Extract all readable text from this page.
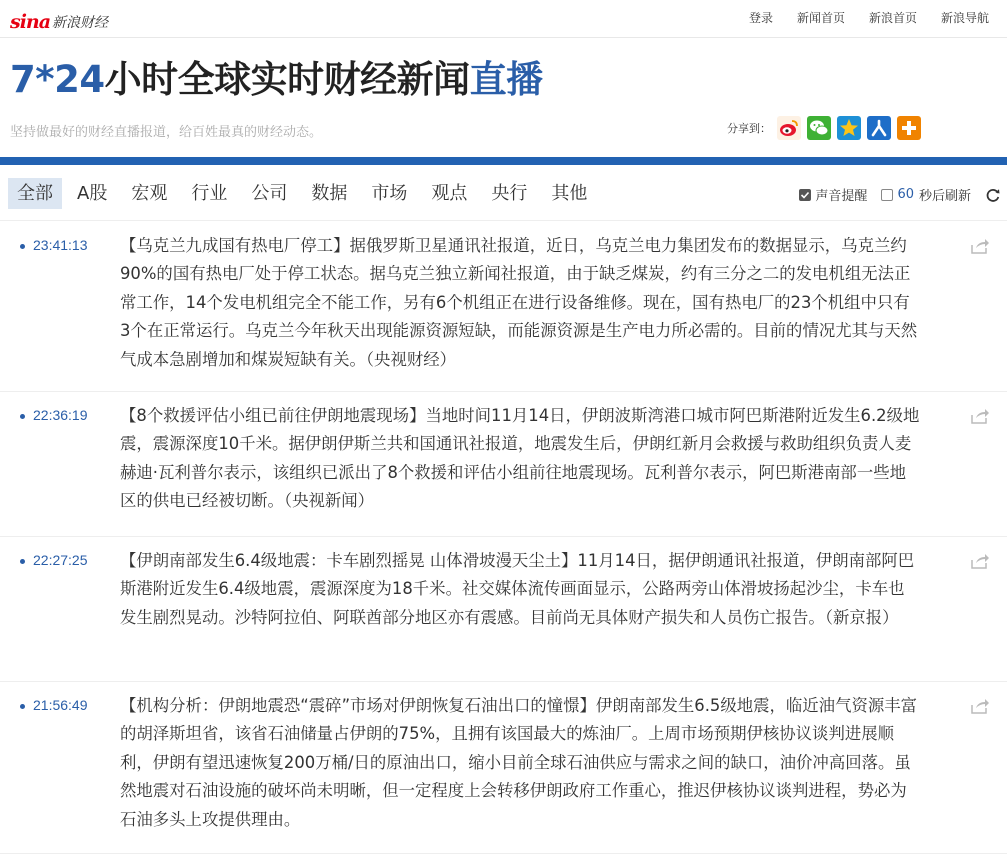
sina 新浪财经	登录 新闻首页 新浪首页 新浪导航
7*24小时全球实时财经新闻直播
坚持做最好的财经直播报道，给百姓最真的财经动态。	分享到：
全部	A股	宏观	行业	公司	数据	市场	观点	央行	其他	声音提醒 60 秒后刷新
23:41:13 【乌克兰九成国有热电厂停工】据俄罗斯卫星通讯社报道，近日，乌克兰电力集团发布的数据显示，乌克兰约90%的国有热电厂处于停工状态。据乌克兰独立新闻社报道，由于缺乏煤炭，约有三分之二的发电机组无法正常工作，14个发电机组完全不能工作，另有6个机组正在进行设备维修。现在，国有热电厂的23个机组中只有3个在正常运行。乌克兰今年秋天出现能源资源短缺，而能源资源是生产电力所必需的。目前的情况尤其与天然气成本急剧增加和煤炭短缺有关。（央视财经）
22:36:19 【8个救援评估小组已前往伊朗地震现场】当地时间11月14日，伊朗波斯湾港口城市阿巴斯港附近发生6.2级地震，震源深度10千米。据伊朗伊斯兰共和国通讯社报道，地震发生后，伊朗红新月会救援与救助组织负责人麦赫迪·瓦利普尔表示，该组织已派出了8个救援和评估小组前往地震现场。瓦利普尔表示，阿巴斯港南部一些地区的供电已经被切断。（央视新闻）
22:27:25 【伊朗南部发生6.4级地震：卡车剧烈摇晃 山体滑坡漫天尘土】11月14日，据伊朗通讯社报道，伊朗南部阿巴斯港附近发生6.4级地震，震源深度为18千米。社交媒体流传画面显示，公路两旁山体滑坡扬起沙尘，卡车也发生剧烈晃动。沙特阿拉伯、阿联酋部分地区亦有震感。目前尚无具体财产损失和人员伤亡报告。（新京报）
21:56:49 【机构分析：伊朗地震恐“震碎”市场对伊朗恢复石油出口的憧憬】伊朗南部发生6.5级地震，临近油气资源丰富的胡泽斯坦省，该省石油储量占伊朗的75%，且拥有该国最大的炼油厂。上周市场预期伊核协议谈判进展顺利，伊朗有望迅速恢复200万桶/日的原油出口，缩小目前全球石油供应与需求之间的缺口，油价冲高回落。虽然地震对石油设施的破坏尚未明晰，但一定程度上会转移伊朗政府工作重心，推迟伊核协议谈判进程，势必为石油多头上攻提供理由。
